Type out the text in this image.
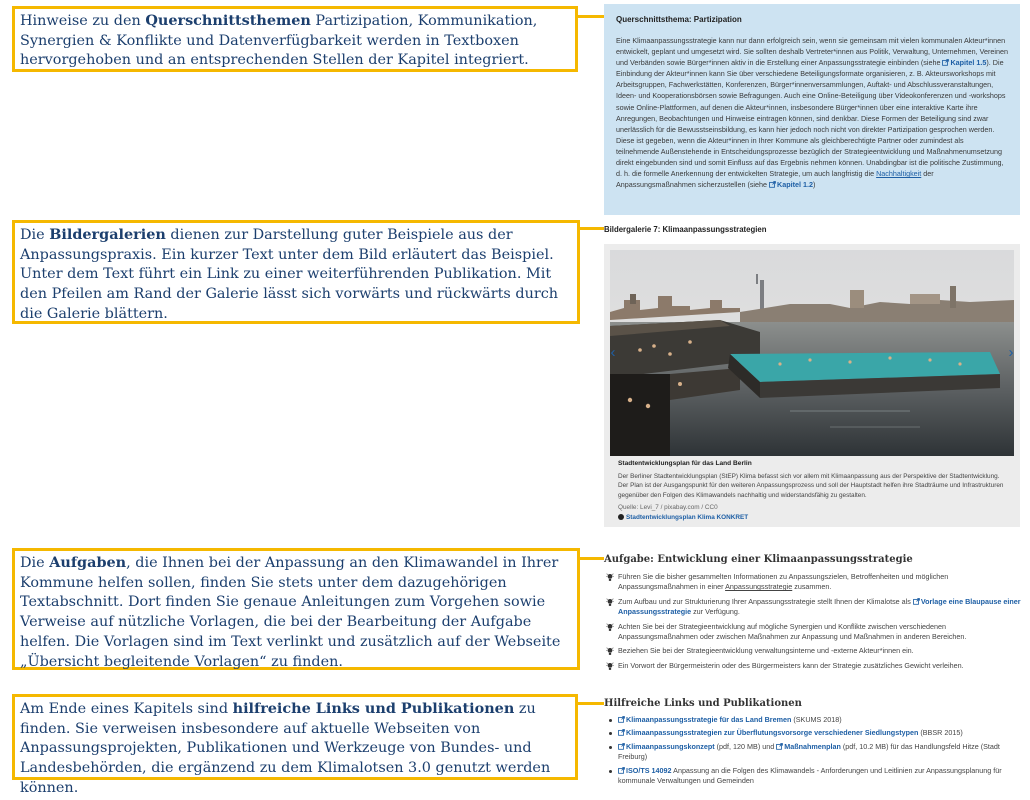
Hinweise zu den Querschnittsthemen Partizipation, Kommunikation, Synergien & Konflikte und Datenverfügbarkeit werden in Textboxen hervorgehoben und an entsprechenden Stellen der Kapitel integriert.
Die Bildergalerien dienen zur Darstellung guter Beispiele aus der Anpassungspraxis. Ein kurzer Text unter dem Bild erläutert das Beispiel. Unter dem Text führt ein Link zu einer weiterführenden Publikation. Mit den Pfeilen am Rand der Galerie lässt sich vorwärts und rückwärts durch die Galerie blättern.
Die Aufgaben, die Ihnen bei der Anpassung an den Klimawandel in Ihrer Kommune helfen sollen, finden Sie stets unter dem dazugehörigen Textabschnitt. Dort finden Sie genaue Anleitungen zum Vorgehen sowie Verweise auf nützliche Vorlagen, die bei der Bearbeitung der Aufgabe helfen. Die Vorlagen sind im Text verlinkt und zusätzlich auf der Webseite „Übersicht begleitende Vorlagen“ zu finden.
Am Ende eines Kapitels sind hilfreiche Links und Publikationen zu finden. Sie verweisen insbesondere auf aktuelle Webseiten von Anpassungsprojekten, Publikationen und Werkzeuge von Bundes- und Landesbehörden, die ergänzend zu dem Klimalotsen 3.0 genutzt werden können.
Querschnittsthema: Partizipation
Eine Klimaanpassungsstrategie kann nur dann erfolgreich sein, wenn sie gemeinsam mit vielen kommunalen Akteur*innen entwickelt, geplant und umgesetzt wird. Sie sollten deshalb Vertreter*innen aus Politik, Verwaltung, Unternehmen, Vereinen und Verbänden sowie Bürger*innen aktiv in die Erstellung einer Anpassungsstrategie einbinden (siehe Kapitel 1.5). Die Einbindung der Akteur*innen kann Sie über verschiedene Beteiligungsformate organisieren, z. B. Akteursworkshops mit Arbeitsgruppen, Fachwerkstätten, Konferenzen, Bürger*innenversammlungen, Auftakt- und Abschlussveranstaltungen, Ideen- und Kooperationsbörsen sowie Befragungen. Auch eine Online-Beteiligung über Videokonferenzen und -workshops sowie Online-Plattformen, auf denen die Akteur*innen, insbesondere Bürger*innen über eine interaktive Karte ihre Anregungen, Beobachtungen und Hinweise eintragen können, sind denkbar. Diese Formen der Beteiligung sind zwar unerlässlich für die Bewusstseinsbildung, es kann hier jedoch noch nicht von direkter Partizipation gesprochen werden. Diese ist gegeben, wenn die Akteur*innen in Ihrer Kommune als gleichberechtigte Partner oder zumindest als teilnehmende Außenstehende in Entscheidungsprozesse bezüglich der Strategieentwicklung und Maßnahmenumsetzung direkt eingebunden sind und somit Einfluss auf das Ergebnis nehmen können. Unabdingbar ist die politische Zustimmung, d. h. die formelle Anerkennung der entwickelten Strategie, um auch langfristig die Nachhaltigkeit der Anpassungsmaßnahmen sicherzustellen (siehe Kapitel 1.2)
Bildergalerie 7: Klimaanpassungsstrategien
‹	›
Stadtentwicklungsplan für das Land Berlin
Der Berliner Stadtentwicklungsplan (StEP) Klima befasst sich vor allem mit Klimaanpassung aus der Perspektive der Stadtentwicklung. Der Plan ist der Ausgangspunkt für den weiteren Anpassungsprozess und soll der Hauptstadt helfen ihre Stadträume und Infrastrukturen gegenüber den Folgen des Klimawandels nachhaltig und widerstandsfähig zu gestalten.
Quelle: Levi_7 / pixabay.com / CC0
Stadtentwicklungsplan Klima KONKRET
Aufgabe: Entwicklung einer Klimaanpassungsstrategie
Führen Sie die bisher gesammelten Informationen zu Anpassungszielen, Betroffenheiten und möglichen Anpassungsmaßnahmen in einer Anpassungsstrategie zusammen.
Zum Aufbau und zur Strukturierung Ihrer Anpassungsstrategie stellt Ihnen der Klimalotse als Vorlage eine Blaupause einer Anpassungsstrategie zur Verfügung.
Achten Sie bei der Strategieentwicklung auf mögliche Synergien und Konflikte zwischen verschiedenen Anpassungsmaßnahmen oder zwischen Maßnahmen zur Anpassung und Maßnahmen in anderen Bereichen.
Beziehen Sie bei der Strategieentwicklung verwaltungsinterne und -externe Akteur*innen ein.
Ein Vorwort der Bürgermeisterin oder des Bürgermeisters kann der Strategie zusätzliches Gewicht verleihen.
Hilfreiche Links und Publikationen
Klimaanpassungsstrategie für das Land Bremen (SKUMS 2018)
Klimaanpassungsstrategien zur Überflutungsvorsorge verschiedener Siedlungstypen (BBSR 2015)
Klimaanpassungskonzept (pdf, 120 MB) und Maßnahmenplan (pdf, 10.2 MB) für das Handlungsfeld Hitze (Stadt Freiburg)
ISO/TS 14092 Anpassung an die Folgen des Klimawandels - Anforderungen und Leitlinien zur Anpassungsplanung für kommunale Verwaltungen und Gemeinden
